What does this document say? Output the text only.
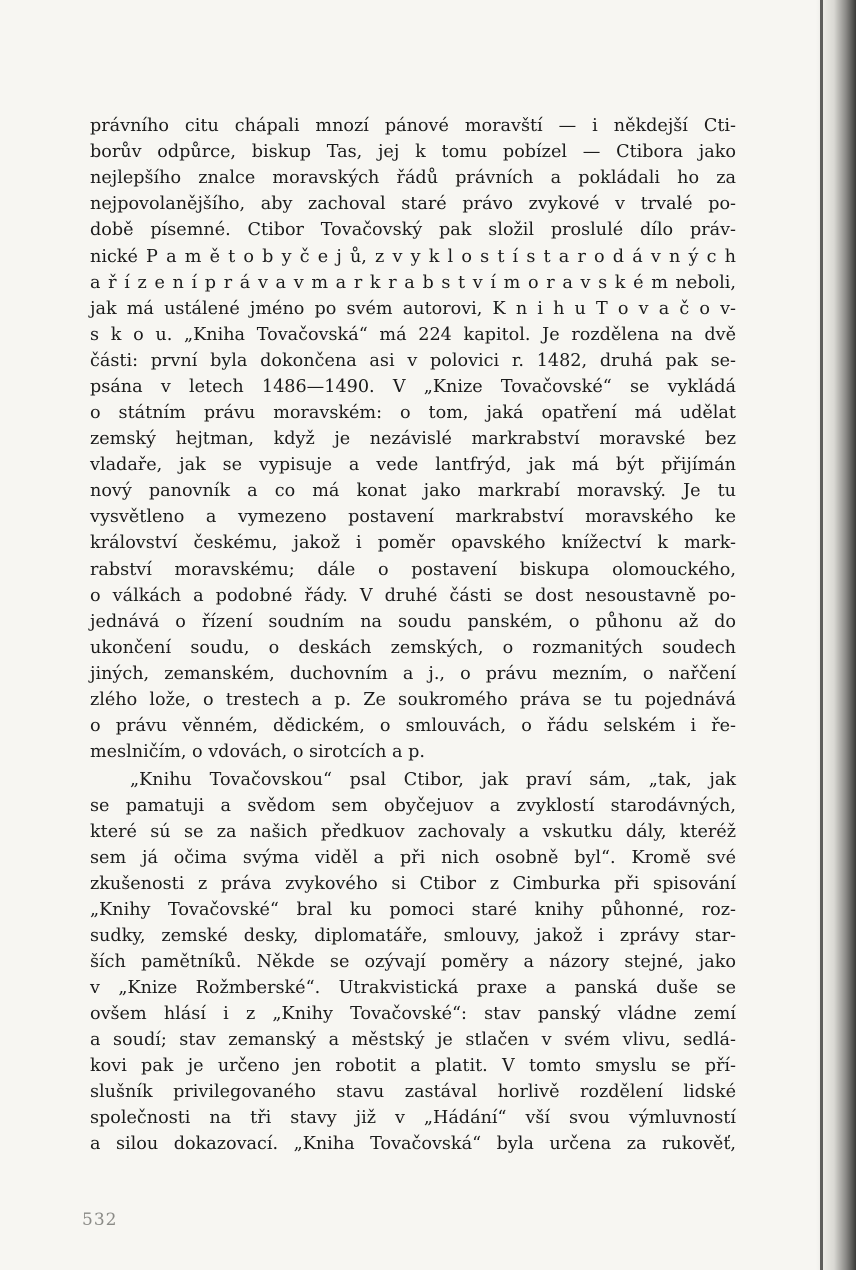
právního citu chápali mnozí pánové moravští — i někdejší Cti-
borův odpůrce, biskup Tas, jej k tomu pobízel — Ctibora jako
nejlepšího znalce moravských řádů právních a pokládali ho za
nejpovolanějšího, aby zachoval staré právo zvykové v trvalé po-
době písemné. Ctibor Tovačovský pak složil proslulé dílo práv-
nické P a m ě t o b y č e j ů, z v y k l o s t í s t a r o d á v n ý c h
a ř í z e n í p r á v a v m a r k r a b s t v í m o r a v s k é m neboli,
jak má ustálené jméno po svém autorovi, K n i h u T o v a č o v-
s k o u. „Kniha Tovačovská“ má 224 kapitol. Je rozdělena na dvě
části: první byla dokončena asi v polovici r. 1482, druhá pak se-
psána v letech 1486—1490. V „Knize Tovačovské“ se vykládá
o státním právu moravském: o tom, jaká opatření má udělat
zemský hejtman, když je nezávislé markrabství moravské bez
vladaře, jak se vypisuje a vede lantfrýd, jak má být přijímán
nový panovník a co má konat jako markrabí moravský. Je tu
vysvětleno a vymezeno postavení markrabství moravského ke
království českému, jakož i poměr opavského knížectví k mark-
rabství moravskému; dále o postavení biskupa olomouckého,
o válkách a podobné řády. V druhé části se dost nesoustavně po-
jednává o řízení soudním na soudu panském, o půhonu až do
ukončení soudu, o deskách zemských, o rozmanitých soudech
jiných, zemanském, duchovním a j., o právu mezním, o nařčení
zlého lože, o trestech a p. Ze soukromého práva se tu pojednává
o právu věnném, dědickém, o smlouvách, o řádu selském i ře-
meslničím, o vdovách, o sirotcích a p.
„Knihu Tovačovskou“ psal Ctibor, jak praví sám, „tak, jak
se pamatuji a svědom sem obyčejuov a zvyklostí starodávných,
které sú se za našich předkuov zachovaly a vskutku dály, kteréž
sem já očima svýma viděl a při nich osobně byl“. Kromě své
zkušenosti z práva zvykového si Ctibor z Cimburka při spisování
„Knihy Tovačovské“ bral ku pomoci staré knihy půhonné, roz-
sudky, zemské desky, diplomatáře, smlouvy, jakož i zprávy star-
ších pamětníků. Někde se ozývají poměry a názory stejné, jako
v „Knize Rožmberské“. Utrakvistická praxe a panská duše se
ovšem hlásí i z „Knihy Tovačovské“: stav panský vládne zemí
a soudí; stav zemanský a městský je stlačen v svém vlivu, sedlá-
kovi pak je určeno jen robotit a platit. V tomto smyslu se pří-
slušník privilegovaného stavu zastával horlivě rozdělení lidské
společnosti na tři stavy již v „Hádání“ vší svou výmluvností
a silou dokazovací. „Kniha Tovačovská“ byla určena za rukověť,
532
